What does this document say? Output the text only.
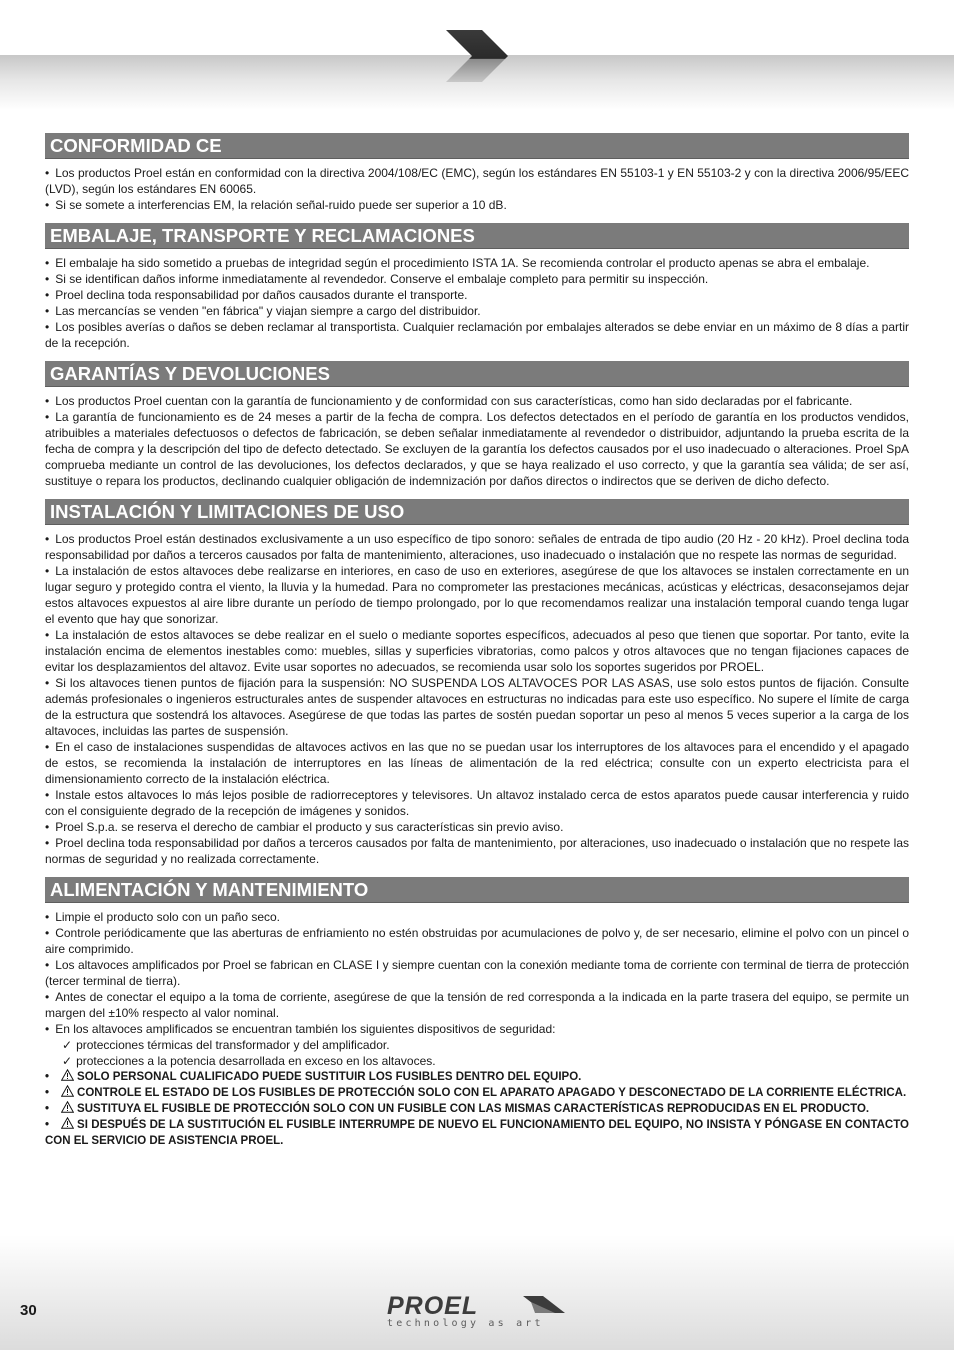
CONFORMIDAD CE

• Los productos Proel están en conformidad con la directiva 2004/108/EC (EMC), según los estándares EN 55103-1 y EN 55103-2 y con la directiva 2006/95/EEC (LVD), según los estándares EN 60065.

• Si se somete a interferencias EM, la relación señal-ruido puede ser superior a 10 dB.

EMBALAJE, TRANSPORTE Y RECLAMACIONES

• El embalaje ha sido sometido a pruebas de integridad según el procedimiento ISTA 1A. Se recomienda controlar el producto apenas se abra el embalaje.

• Si se identifican daños informe inmediatamente al revendedor. Conserve el embalaje completo para permitir su inspección.

• Proel declina toda responsabilidad por daños causados durante el transporte.

• Las mercancías se venden "en fábrica" y viajan siempre a cargo del distribuidor.

• Los posibles averías o daños se deben reclamar al transportista. Cualquier reclamación por embalajes alterados se debe enviar en un máximo de 8 días a partir de la recepción.

GARANTÍAS Y DEVOLUCIONES

• Los productos Proel cuentan con la garantía de funcionamiento y de conformidad con sus características, como han sido declaradas por el fabricante.

• La garantía de funcionamiento es de 24 meses a partir de la fecha de compra. Los defectos detectados en el período de garantía en los productos vendidos, atribuibles a materiales defectuosos o defectos de fabricación, se deben señalar inmediatamente al revendedor o distribuidor, adjuntando la prueba escrita de la fecha de compra y la descripción del tipo de defecto detectado. Se excluyen de la garantía los defectos causados por el uso inadecuado o alteraciones. Proel SpA comprueba mediante un control de las devoluciones, los defectos declarados, y que se haya realizado el uso correcto, y que la garantía sea válida; de ser así, sustituye o repara los productos, declinando cualquier obligación de indemnización por daños directos o indirectos que se deriven de dicho defecto.

INSTALACIÓN Y LIMITACIONES DE USO

• Los productos Proel están destinados exclusivamente a un uso específico de tipo sonoro: señales de entrada de tipo audio (20 Hz - 20 kHz). Proel declina toda responsabilidad por daños a terceros causados por falta de mantenimiento, alteraciones, uso inadecuado o instalación que no respete las normas de seguridad.

• La instalación de estos altavoces debe realizarse en interiores, en caso de uso en exteriores, asegúrese de que los altavoces se instalen correctamente en un lugar seguro y protegido contra el viento, la lluvia y la humedad. Para no comprometer las prestaciones mecánicas, acústicas y eléctricas, desaconsejamos dejar estos altavoces expuestos al aire libre durante un período de tiempo prolongado, por lo que recomendamos realizar una instalación temporal cuando tenga lugar el evento que hay que sonorizar.

• La instalación de estos altavoces se debe realizar en el suelo o mediante soportes específicos, adecuados al peso que tienen que soportar. Por tanto, evite la instalación encima de elementos inestables como: muebles, sillas y superficies vibratorias, como palcos y otros altavoces que no tengan fijaciones capaces de evitar los desplazamientos del altavoz. Evite usar soportes no adecuados, se recomienda usar solo los soportes sugeridos por PROEL.

• Si los altavoces tienen puntos de fijación para la suspensión: NO SUSPENDA LOS ALTAVOCES POR LAS ASAS, use solo estos puntos de fijación. Consulte además profesionales o ingenieros estructurales antes de suspender altavoces en estructuras no indicadas para este uso específico. No supere el límite de carga de la estructura que sostendrá los altavoces. Asegúrese de que todas las partes de sostén puedan soportar un peso al menos 5 veces superior a la carga de los altavoces, incluidas las partes de suspensión.

• En el caso de instalaciones suspendidas de altavoces activos en las que no se puedan usar los interruptores de los altavoces para el encendido y el apagado de estos, se recomienda la instalación de interruptores en las líneas de alimentación de la red eléctrica; consulte con un experto electricista para el dimensionamiento correcto de la instalación eléctrica.

• Instale estos altavoces lo más lejos posible de radiorreceptores y televisores. Un altavoz instalado cerca de estos aparatos puede causar interferencia y ruido con el consiguiente degrado de la recepción de imágenes y sonidos.

• Proel S.p.a. se reserva el derecho de cambiar el producto y sus características sin previo aviso.

• Proel declina toda responsabilidad por daños a terceros causados por falta de mantenimiento, por alteraciones, uso inadecuado o instalación que no respete las normas de seguridad y no realizada correctamente.

ALIMENTACIÓN Y MANTENIMIENTO

• Limpie el producto solo con un paño seco.

• Controle periódicamente que las aberturas de enfriamiento no estén obstruidas por acumulaciones de polvo y, de ser necesario, elimine el polvo con un pincel o aire comprimido.

• Los altavoces amplificados por Proel se fabrican en CLASE I y siempre cuentan con la conexión mediante toma de corriente con terminal de tierra de protección (tercer terminal de tierra).

• Antes de conectar el equipo a la toma de corriente, asegúrese de que la tensión de red corresponda a la indicada en la parte trasera del equipo, se permite un margen del ±10% respecto al valor nominal.

• En los altavoces amplificados se encuentran también los siguientes dispositivos de seguridad:

✓ protecciones térmicas del transformador y del amplificador.

✓ protecciones a la potencia desarrollada en exceso en los altavoces.

• SOLO PERSONAL CUALIFICADO PUEDE SUSTITUIR LOS FUSIBLES DENTRO DEL EQUIPO.

• CONTROLE EL ESTADO DE LOS FUSIBLES DE PROTECCIÓN SOLO CON EL APARATO APAGADO Y DESCONECTADO DE LA CORRIENTE ELÉCTRICA.

• SUSTITUYA EL FUSIBLE DE PROTECCIÓN SOLO CON UN FUSIBLE CON LAS MISMAS CARACTERÍSTICAS REPRODUCIDAS EN EL PRODUCTO.

• SI DESPUÉS DE LA SUSTITUCIÓN EL FUSIBLE INTERRUMPE DE NUEVO EL FUNCIONAMIENTO DEL EQUIPO, NO INSISTA Y PÓNGASE EN CONTACTO CON EL SERVICIO DE ASISTENCIA PROEL.

30	PROEL
technology as art
